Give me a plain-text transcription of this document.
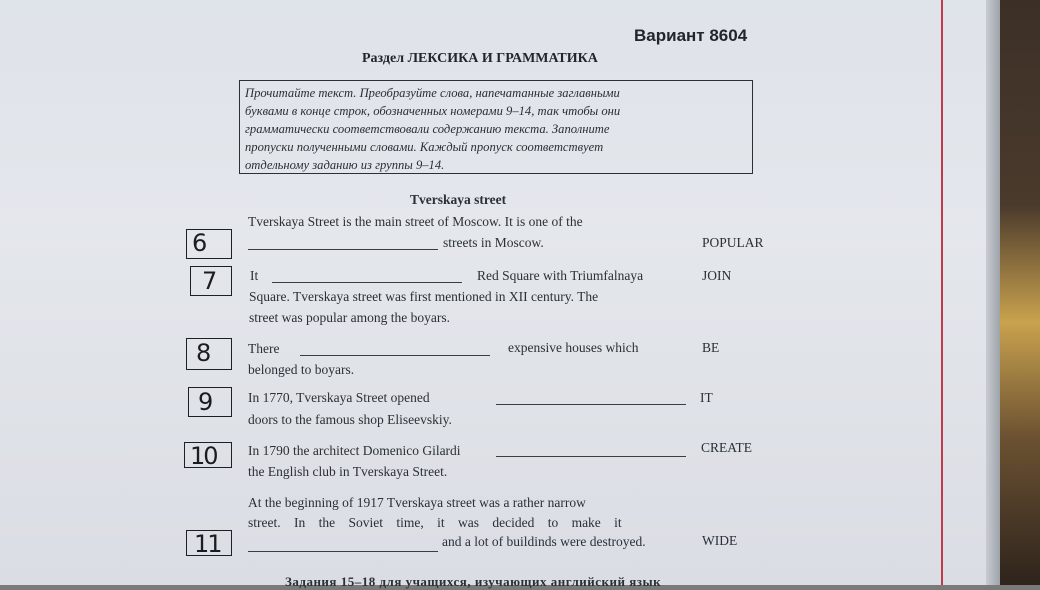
Вариант 8604
Раздел ЛЕКСИКА И ГРАММАТИКА
Прочитайте текст. Преобразуйте слова, напечатанные заглавными
буквами в конце строк, обозначенных номерами 9–14, так чтобы они
грамматически соответствовали содержанию текста. Заполните
пропуски полученными словами. Каждый пропуск соответствует
отдельному заданию из группы 9–14.
Tverskaya street
6
Tverskaya Street is the main street of Moscow. It is one of the
streets in Moscow.	POPULAR
7 It	Red Square with Triumfalnaya	JOIN
Square. Tverskaya street was first mentioned in XII century. The
street was popular among the boyars.
8	There	expensive houses which	BE
belonged to boyars.
9	In 1770, Tverskaya Street opened	IT
doors to the famous shop Eliseevskiy.
10 In 1790 the architect Domenico Gilardi	CREATE
the English club in Tverskaya Street.
11
At the beginning of 1917 Tverskaya street was a rather narrow
street. In the Soviet time, it was decided to make it
and a lot of buildinds were destroyed.	WIDE
Задания 15–18 для учащихся, изучающих английский язык
